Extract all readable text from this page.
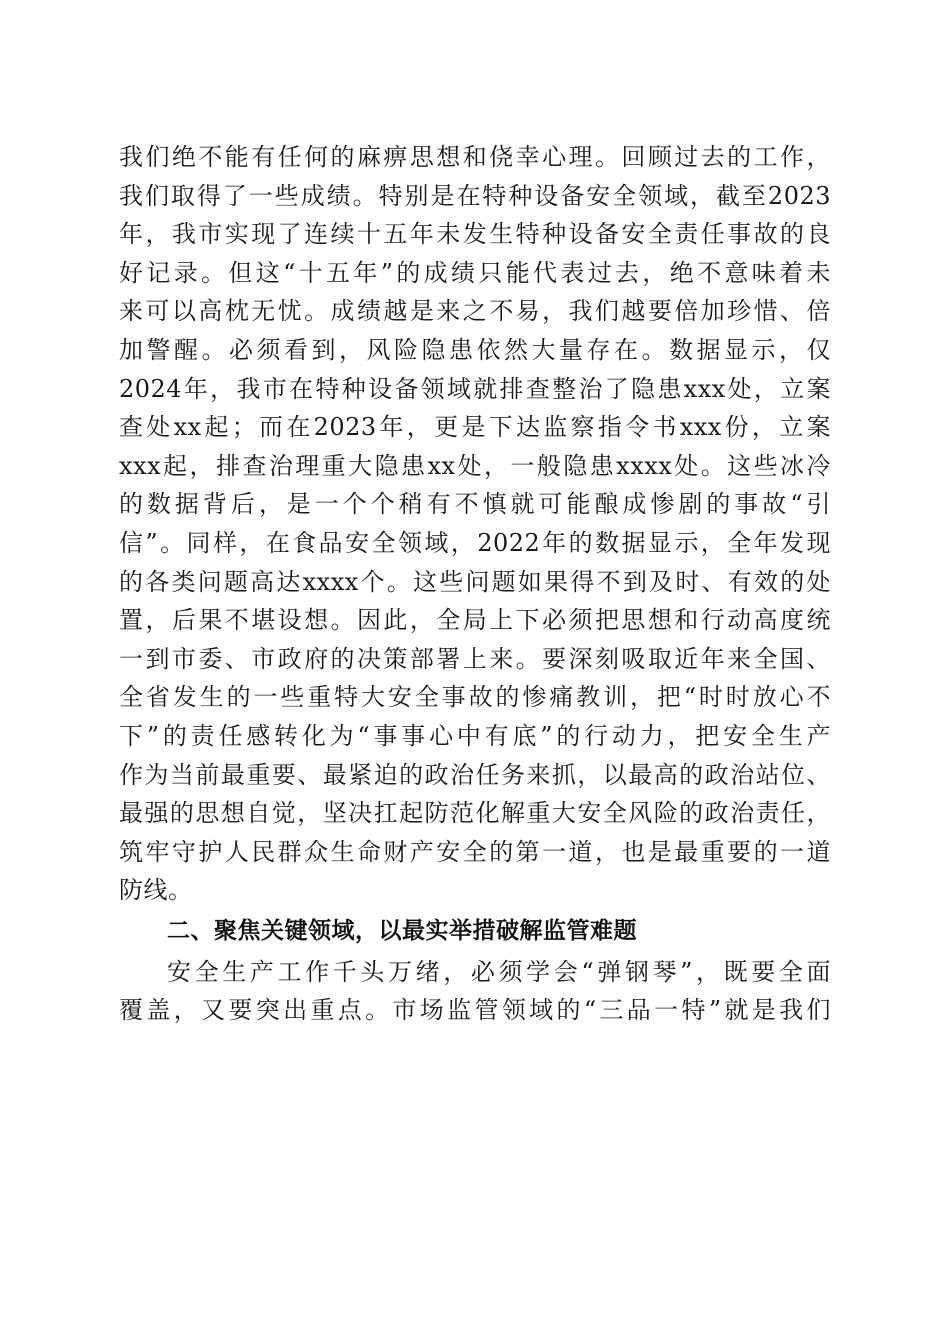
我们绝不能有任何的麻痹思想和侥幸心理。回顾过去的工作，
我们取得了一些成绩。特别是在特种设备安全领域，截至2023
年，我市实现了连续十五年未发生特种设备安全责任事故的良
好记录。但这“十五年”的成绩只能代表过去，绝不意味着未
来可以高枕无忧。成绩越是来之不易，我们越要倍加珍惜、倍
加警醒。必须看到，风险隐患依然大量存在。数据显示，仅
2024年，我市在特种设备领域就排查整治了隐患xxx处，立案
查处xx起；而在2023年，更是下达监察指令书xxx份，立案
xxx起，排查治理重大隐患xx处，一般隐患xxxx处。这些冰冷
的数据背后，是一个个稍有不慎就可能酿成惨剧的事故“引
信”。同样，在食品安全领域，2022年的数据显示，全年发现
的各类问题高达xxxx个。这些问题如果得不到及时、有效的处
置，后果不堪设想。因此，全局上下必须把思想和行动高度统
一到市委、市政府的决策部署上来。要深刻吸取近年来全国、
全省发生的一些重特大安全事故的惨痛教训，把“时时放心不
下”的责任感转化为“事事心中有底”的行动力，把安全生产
作为当前最重要、最紧迫的政治任务来抓，以最高的政治站位、
最强的思想自觉，坚决扛起防范化解重大安全风险的政治责任，
筑牢守护人民群众生命财产安全的第一道，也是最重要的一道
防线。
二、聚焦关键领域，以最实举措破解监管难题
安全生产工作千头万绪，必须学会“弹钢琴”，既要全面
覆盖，又要突出重点。市场监管领域的“三品一特”就是我们
